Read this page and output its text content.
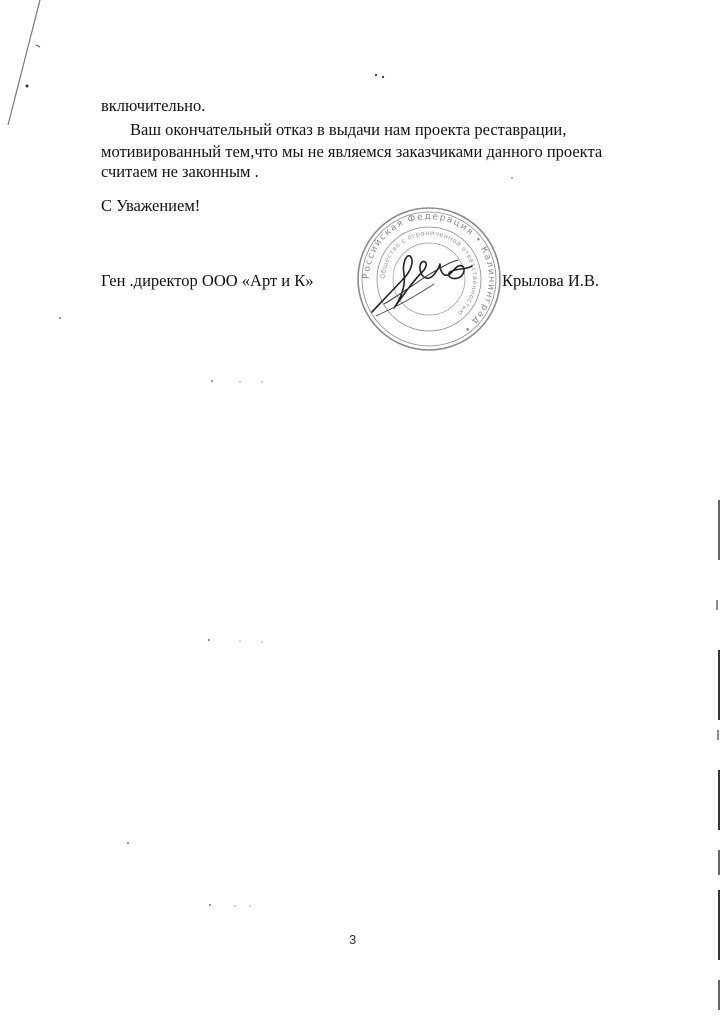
включительно.
Ваш окончательный отказ в выдачи нам проекта реставрации,
мотивированный тем,что мы не являемся заказчиками данного проекта
считаем не законным .
С Уважением!
Ген .директор ООО «Арт и К»	Крылова И.В.
Российская Федерация • Калининград •
Общество с ограниченной ответственностью
3
